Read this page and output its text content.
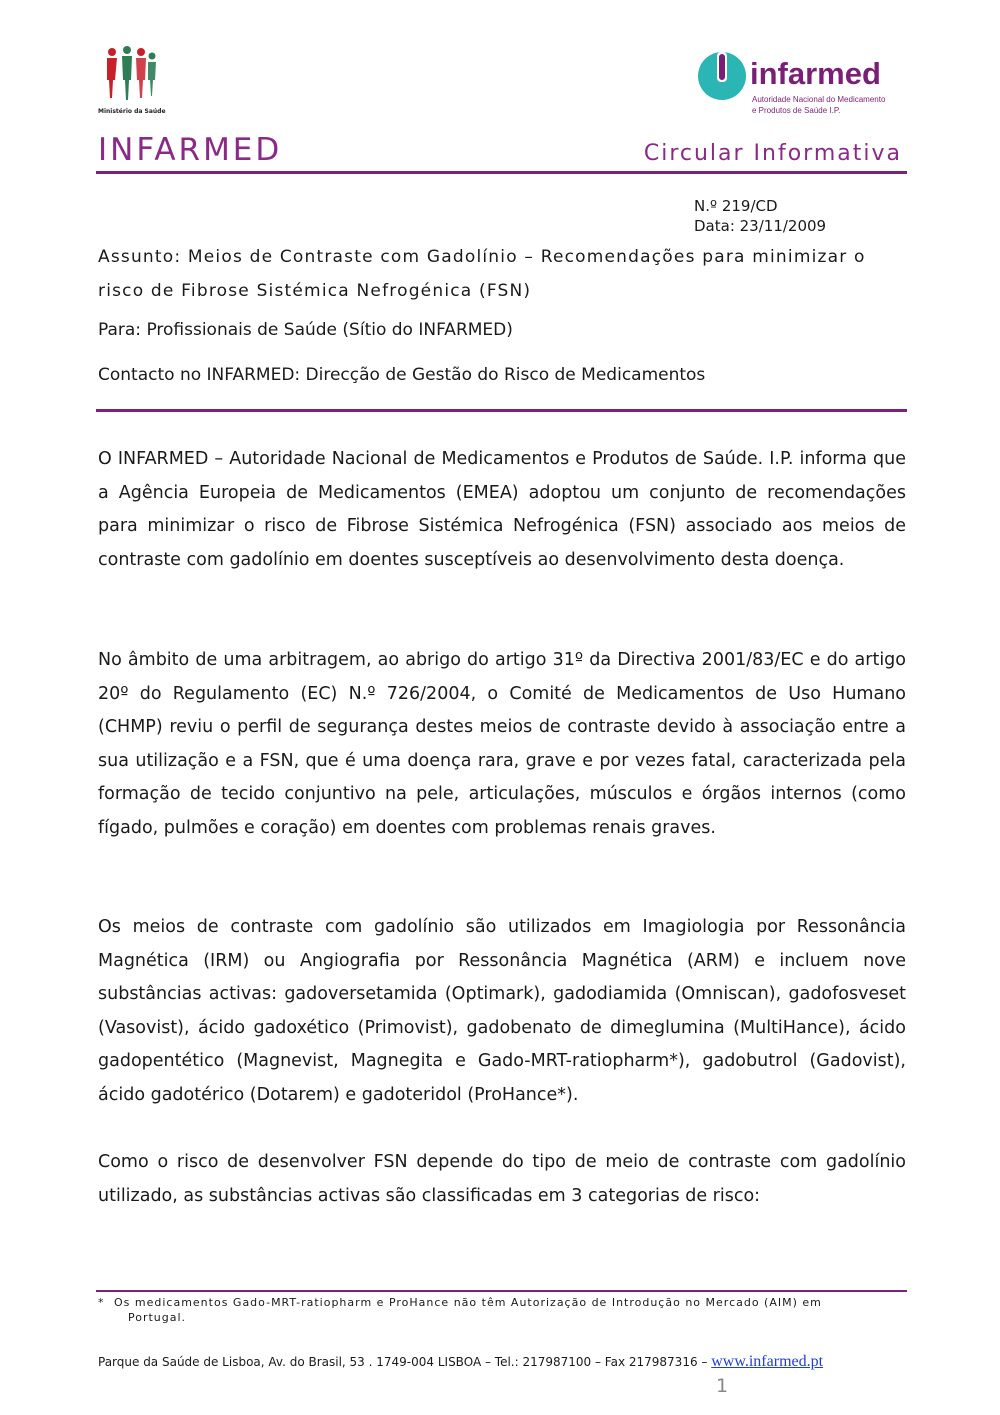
Ministério da Saúde
infarmed
Autoridade Nacional do Medicamento
e Produtos de Saúde I.P.
INFARMED	Circular Informativa
N.º 219/CD
Data: 23/11/2009
Assunto: Meios de Contraste com Gadolínio – Recomendações para minimizar o risco de Fibrose Sistémica Nefrogénica (FSN)
Para: Profissionais de Saúde (Sítio do INFARMED)
Contacto no INFARMED: Direcção de Gestão do Risco de Medicamentos

O INFARMED – Autoridade Nacional de Medicamentos e Produtos de Saúde. I.P. informa que a Agência Europeia de Medicamentos (EMEA) adoptou um conjunto de recomendações para minimizar o risco de Fibrose Sistémica Nefrogénica (FSN) associado aos meios de contraste com gadolínio em doentes susceptíveis ao desenvolvimento desta doença.

No âmbito de uma arbitragem, ao abrigo do artigo 31º da Directiva 2001/83/EC e do artigo 20º do Regulamento (EC) N.º 726/2004, o Comité de Medicamentos de Uso Humano (CHMP) reviu o perfil de segurança destes meios de contraste devido à associação entre a sua utilização e a FSN, que é uma doença rara, grave e por vezes fatal, caracterizada pela formação de tecido conjuntivo na pele, articulações, músculos e órgãos internos (como fígado, pulmões e coração) em doentes com problemas renais graves.

Os meios de contraste com gadolínio são utilizados em Imagiologia por Ressonância Magnética (IRM) ou Angiografia por Ressonância Magnética (ARM) e incluem nove substâncias activas: gadoversetamida (Optimark), gadodiamida (Omniscan), gadofosveset (Vasovist), ácido gadoxético (Primovist), gadobenato de dimeglumina (MultiHance), ácido gadopentético (Magnevist, Magnegita e Gado-MRT-ratiopharm*), gadobutrol (Gadovist), ácido gadotérico (Dotarem) e gadoteridol (ProHance*).

Como o risco de desenvolver FSN depende do tipo de meio de contraste com gadolínio utilizado, as substâncias activas são classificadas em 3 categorias de risco:

* Os medicamentos Gado-MRT-ratiopharm e ProHance não têm Autorização de Introdução no Mercado (AIM) em
Portugal.
Parque da Saúde de Lisboa, Av. do Brasil, 53 . 1749-004 LISBOA – Tel.: 217987100 – Fax 217987316 – www.infarmed.pt
1
